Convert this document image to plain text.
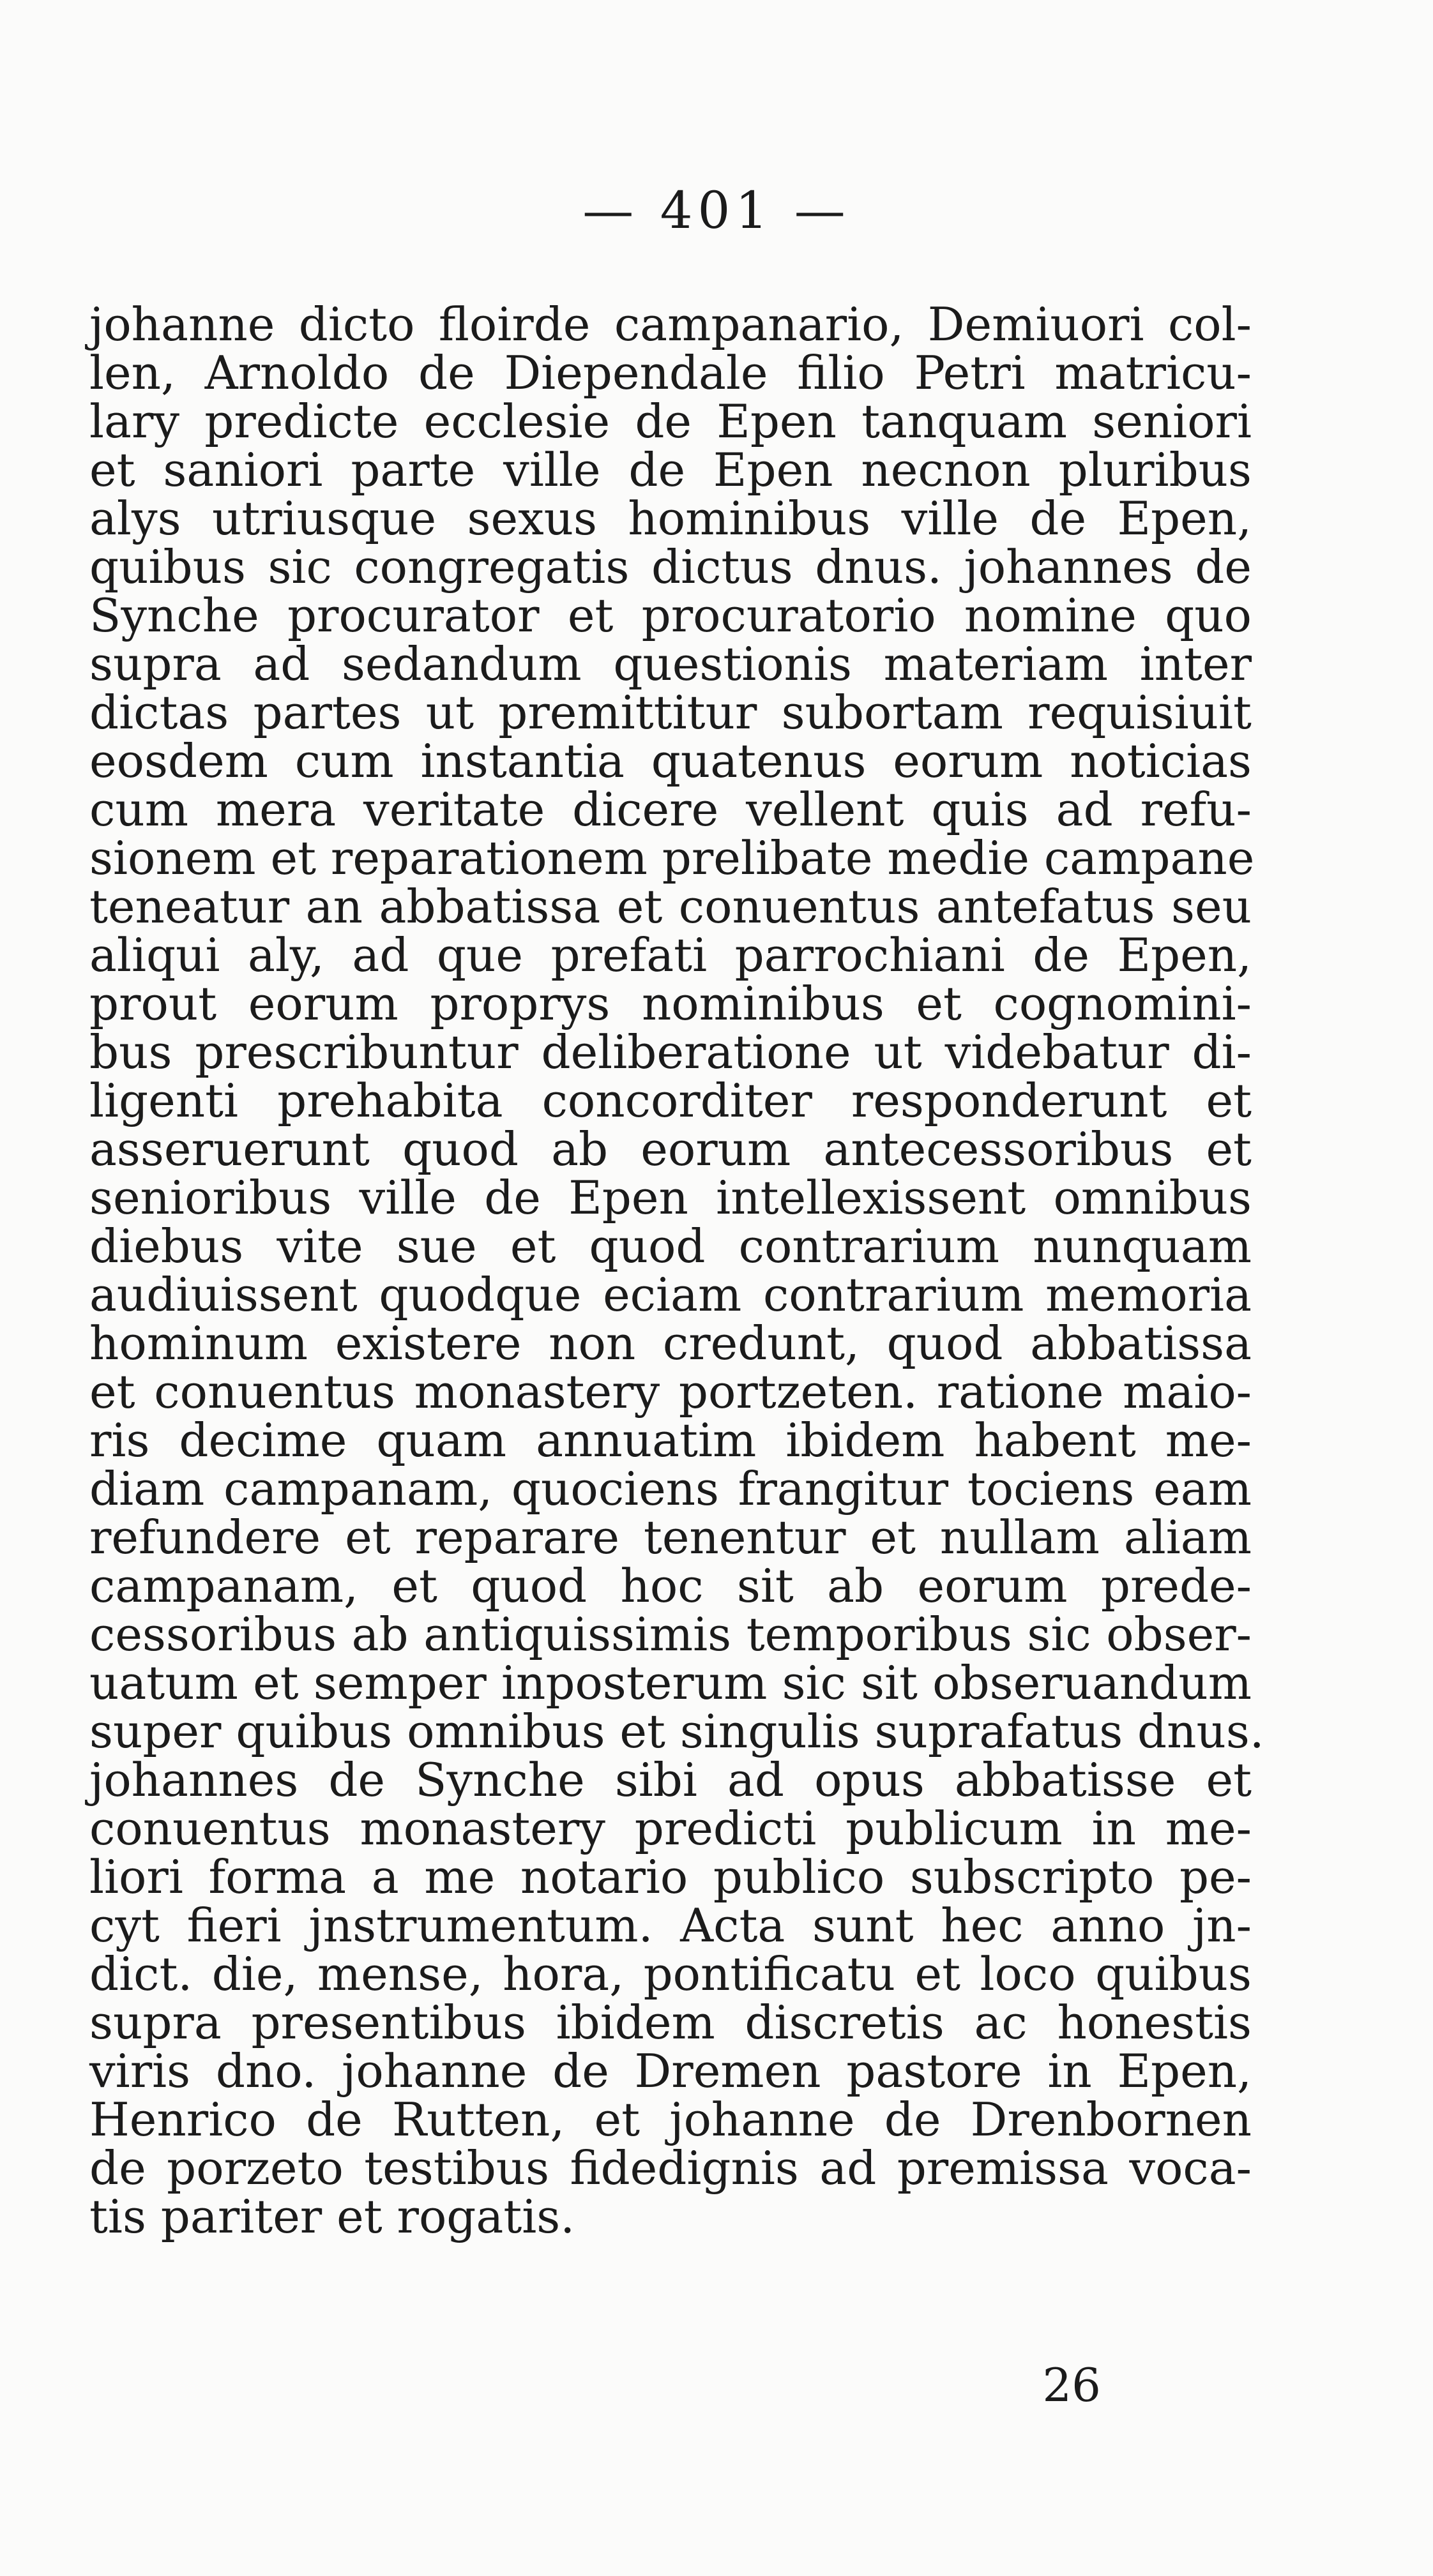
— 401 —
johanne dicto floirde campanario, Demiuori col-
len, Arnoldo de Diependale filio Petri matricu-
lary predicte ecclesie de Epen tanquam seniori
et saniori parte ville de Epen necnon pluribus
alys utriusque sexus hominibus ville de Epen,
quibus sic congregatis dictus dnus. johannes de
Synche procurator et procuratorio nomine quo
supra ad sedandum questionis materiam inter
dictas partes ut premittitur subortam requisiuit
eosdem cum instantia quatenus eorum noticias
cum mera veritate dicere vellent quis ad refu-
sionem et reparationem prelibate medie campane
teneatur an abbatissa et conuentus antefatus seu
aliqui aly, ad que prefati parrochiani de Epen,
prout eorum proprys nominibus et cognomini-
bus prescribuntur deliberatione ut videbatur di-
ligenti prehabita concorditer responderunt et
asseruerunt quod ab eorum antecessoribus et
senioribus ville de Epen intellexissent omnibus
diebus vite sue et quod contrarium nunquam
audiuissent quodque eciam contrarium memoria
hominum existere non credunt, quod abbatissa
et conuentus monastery portzeten. ratione maio-
ris decime quam annuatim ibidem habent me-
diam campanam, quociens frangitur tociens eam
refundere et reparare tenentur et nullam aliam
campanam, et quod hoc sit ab eorum prede-
cessoribus ab antiquissimis temporibus sic obser-
uatum et semper inposterum sic sit obseruandum
super quibus omnibus et singulis suprafatus dnus.
johannes de Synche sibi ad opus abbatisse et
conuentus monastery predicti publicum in me-
liori forma a me notario publico subscripto pe-
cyt fieri jnstrumentum. Acta sunt hec anno jn-
dict. die, mense, hora, pontificatu et loco quibus
supra presentibus ibidem discretis ac honestis
viris dno. johanne de Dremen pastore in Epen,
Henrico de Rutten, et johanne de Drenbornen
de porzeto testibus fidedignis ad premissa voca-
tis pariter et rogatis.
26
